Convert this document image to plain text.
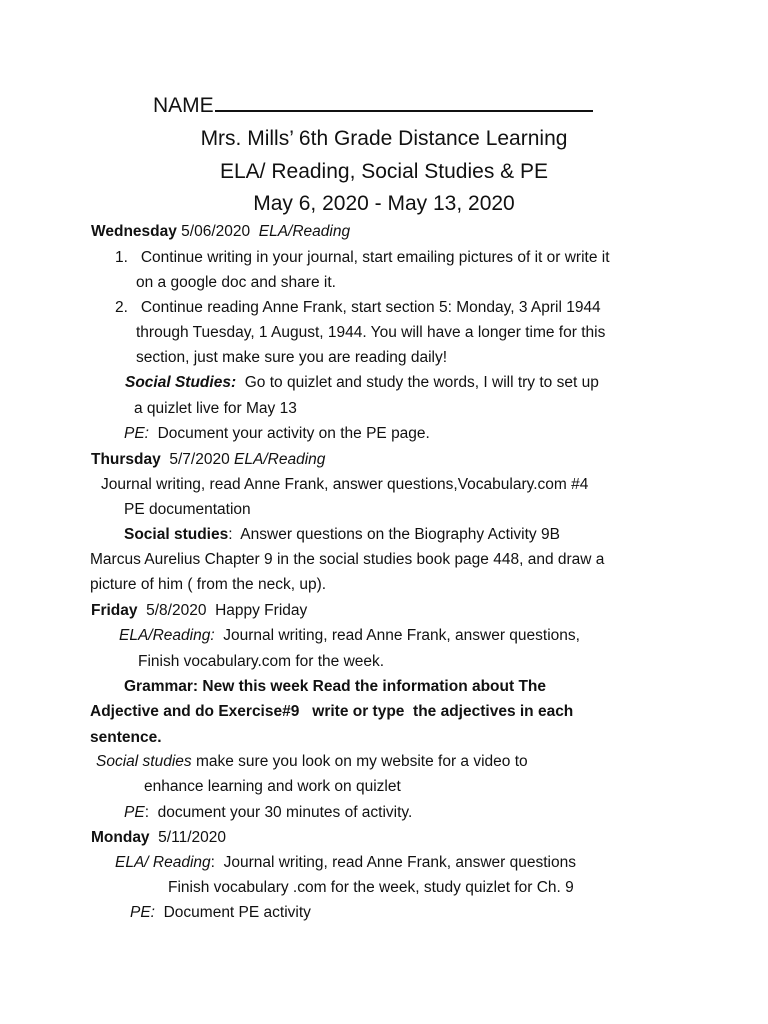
NAME
Mrs. Mills’ 6th Grade Distance Learning
ELA/ Reading, Social Studies & PE
May 6, 2020 - May 13, 2020
Wednesday 5/06/2020  ELA/Reading
1. Continue writing in your journal, start emailing pictures of it or write it
on a google doc and share it.
2. Continue reading Anne Frank, start section 5: Monday, 3 April 1944
through Tuesday, 1 August, 1944. You will have a longer time for this
section, just make sure you are reading daily!
Social Studies:  Go to quizlet and study the words, I will try to set up
a quizlet live for May 13
PE:  Document your activity on the PE page.
Thursday  5/7/2020 ELA/Reading
Journal writing, read Anne Frank, answer questions,Vocabulary.com #4
PE documentation
Social studies:  Answer questions on the Biography Activity 9B
Marcus Aurelius Chapter 9 in the social studies book page 448, and draw a
picture of him ( from the neck, up).
Friday  5/8/2020  Happy Friday
ELA/Reading:  Journal writing, read Anne Frank, answer questions,
Finish vocabulary.com for the week.
Grammar: New this week Read the information about The
Adjective and do Exercise#9   write or type  the adjectives in each
sentence.
Social studies make sure you look on my website for a video to
enhance learning and work on quizlet
PE:  document your 30 minutes of activity.
Monday  5/11/2020
ELA/ Reading:  Journal writing, read Anne Frank, answer questions
Finish vocabulary .com for the week, study quizlet for Ch. 9
PE:  Document PE activity
